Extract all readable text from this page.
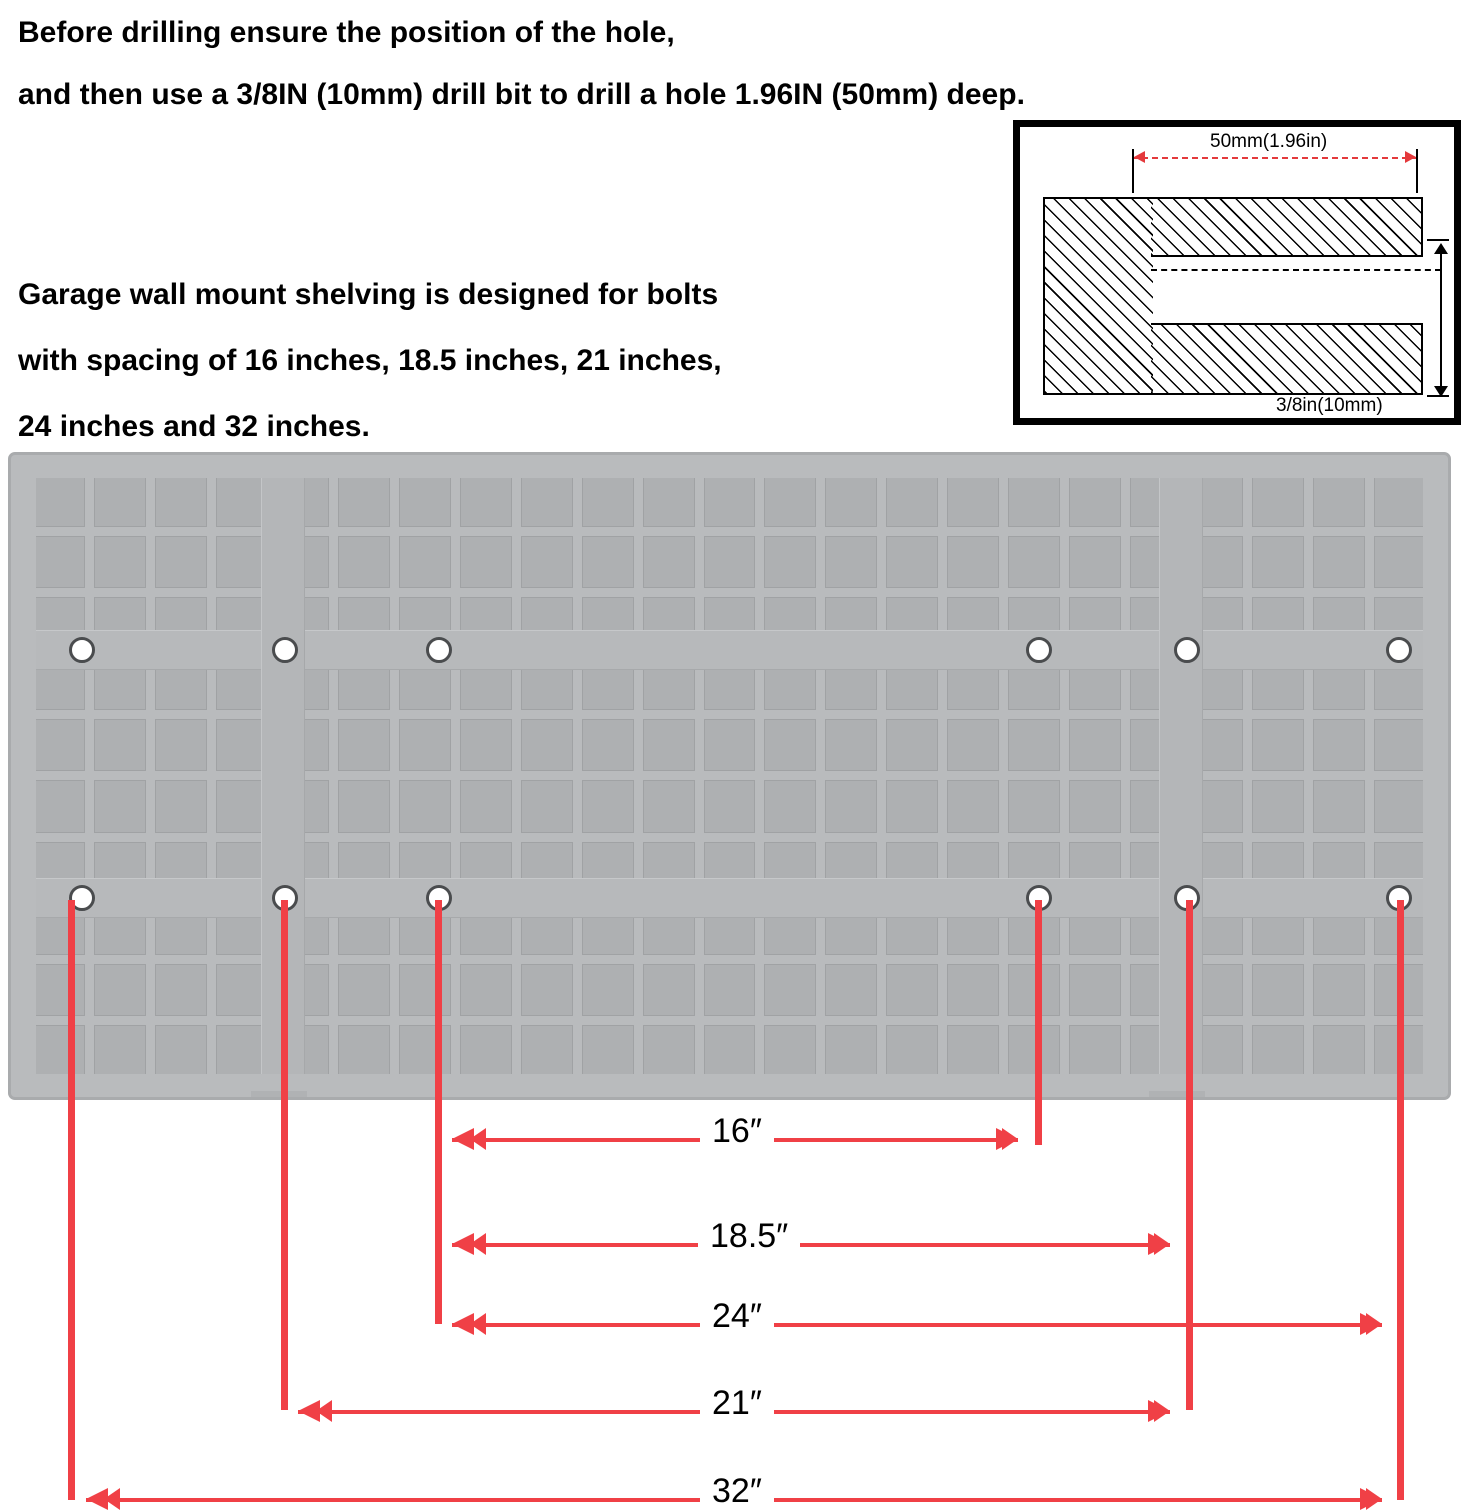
Before drilling ensure the position of the hole,
and then use a 3/8IN (10mm) drill bit to drill a hole 1.96IN (50mm) deep.
Garage wall mount shelving is designed for bolts
with spacing of 16 inches, 18.5 inches, 21 inches,
24 inches and 32 inches.
50mm(1.96in)
3/8in(10mm)
16″
18.5″
24″
21″
32″
